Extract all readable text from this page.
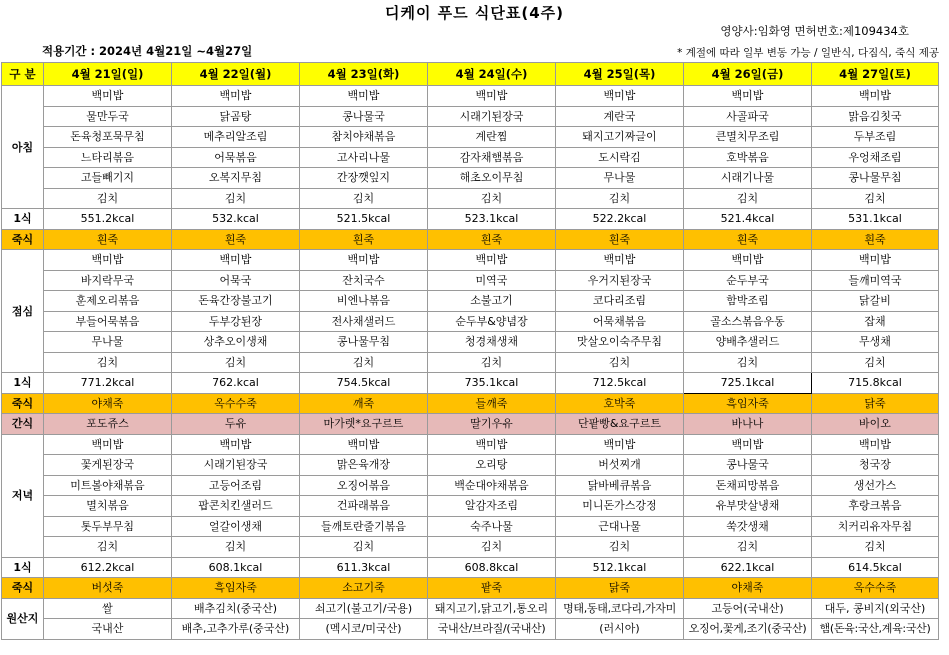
디케이 푸드 식단표(4주)
영양사:임화영 면허번호:제109434호
적용기간 : 2024년 4월21일 ~4월27일	* 계절에 따라 일부 변동 가능 / 일반식, 다짐식, 죽식 제공
구 분	4월 21일(일)	4월 22일(월)	4월 23일(화)	4월 24일(수)	4월 25일(목)	4월 26일(금)	4월 27일(토)
아침	백미밥	백미밥	백미밥	백미밥	백미밥	백미밥	백미밥
	물만두국	닭곰탕	콩나물국	시래기된장국	계란국	사골파국	맑음김칫국
	돈육청포묵무침	메추리알조림	참치야채볶음	계란찜	돼지고기짜글이	큰멸치무조림	두부조림
	느타리볶음	어묵볶음	고사리나물	감자채햄볶음	도시락김	호박볶음	우엉채조림
	고들빼기지	오복지무침	간장깻잎지	해초오이무침	무나물	시래기나물	콩나물무침
	김치	김치	김치	김치	김치	김치	김치
1식	551.2kcal	532.kcal	521.5kcal	523.1kcal	522.2kcal	521.4kcal	531.1kcal
죽식	흰죽	흰죽	흰죽	흰죽	흰죽	흰죽	흰죽
점심	백미밥	백미밥	백미밥	백미밥	백미밥	백미밥	백미밥
	바지락무국	어묵국	잔치국수	미역국	우거지된장국	순두부국	들깨미역국
	훈제오리볶음	돈육간장불고기	비엔나볶음	소불고기	코다리조림	함박조림	닭갈비
	부들어묵볶음	두부강된장	전사채샐러드	순두부&양념장	어묵채볶음	골소스볶음우동	잡채
	무나물	상추오이생채	콩나물무침	청경채생채	맛살오이숙주무침	양배추샐러드	무생채
	김치	김치	김치	김치	김치	김치	김치
1식	771.2kcal	762.kcal	754.5kcal	735.1kcal	712.5kcal	725.1kcal	715.8kcal
죽식	야채죽	옥수수죽	깨죽	들깨죽	호박죽	흑임자죽	닭죽
간식	포도쥬스	두유	마가렛*요구르트	딸기우유	단팥빵&요구르트	바나나	바이오
저녁	백미밥	백미밥	백미밥	백미밥	백미밥	백미밥	백미밥
	꽃게된장국	시래기된장국	맑은육개장	오리탕	버섯찌개	콩나물국	청국장
	미트볼야채볶음	고등어조림	오징어볶음	백순대야채볶음	닭바베큐볶음	돈채피망볶음	생선가스
	멸치볶음	팝콘치킨샐러드	건파래볶음	알감자조림	미니돈가스강정	유부맛살냉채	후랑크볶음
	톳두부무침	얼갈이생채	들깨토란줄기볶음	숙주나물	근대나물	쑥갓생채	치커리유자무침
	김치	김치	김치	김치	김치	김치	김치
1식	612.2kcal	608.1kcal	611.3kcal	608.8kcal	512.1kcal	622.1kcal	614.5kcal
죽식	버섯죽	흑임자죽	소고기죽	팥죽	닭죽	야채죽	옥수수죽
원산지	쌀	배추김치(중국산)	쇠고기(불고기/국용)	돼지고기,닭고기,통오리	명태,동태,코다리,가자미	고등어(국내산)	대두, 콩비지(외국산)
	국내산	배추,고추가루(중국산)	(멕시코/미국산)	국내산/브라질/(국내산)	(러시아)	오징어,꽃게,조기(중국산)	햄(돈육:국산,계육:국산)
